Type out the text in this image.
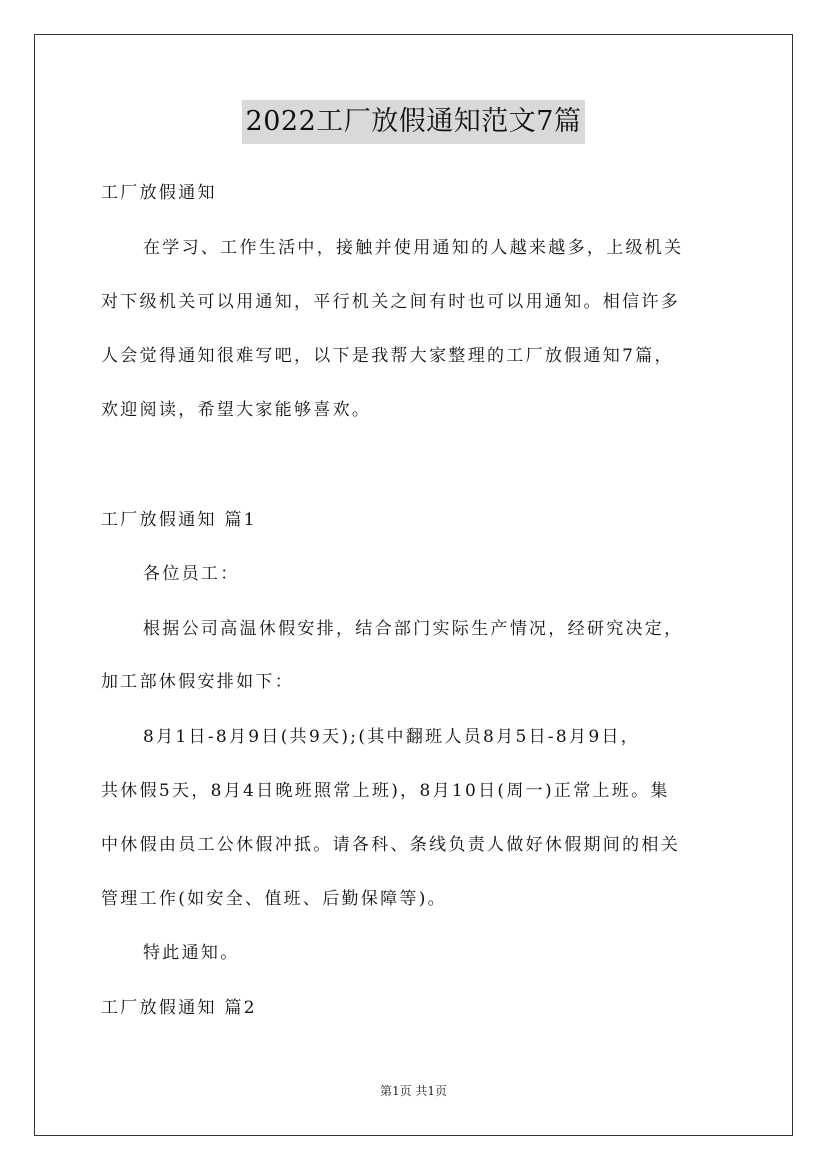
2022工厂放假通知范文7篇
工厂放假通知
在学习、工作生活中，接触并使用通知的人越来越多，上级机关
对下级机关可以用通知，平行机关之间有时也可以用通知。相信许多
人会觉得通知很难写吧，以下是我帮大家整理的工厂放假通知7篇，
欢迎阅读，希望大家能够喜欢。
工厂放假通知 篇1
各位员工：
根据公司高温休假安排，结合部门实际生产情况，经研究决定，
加工部休假安排如下：
8月1日-8月9日(共9天);(其中翻班人员8月5日-8月9日，
共休假5天，8月4日晚班照常上班)，8月10日(周一)正常上班。集
中休假由员工公休假冲抵。请各科、条线负责人做好休假期间的相关
管理工作(如安全、值班、后勤保障等)。
特此通知。
工厂放假通知 篇2
第1页 共1页
